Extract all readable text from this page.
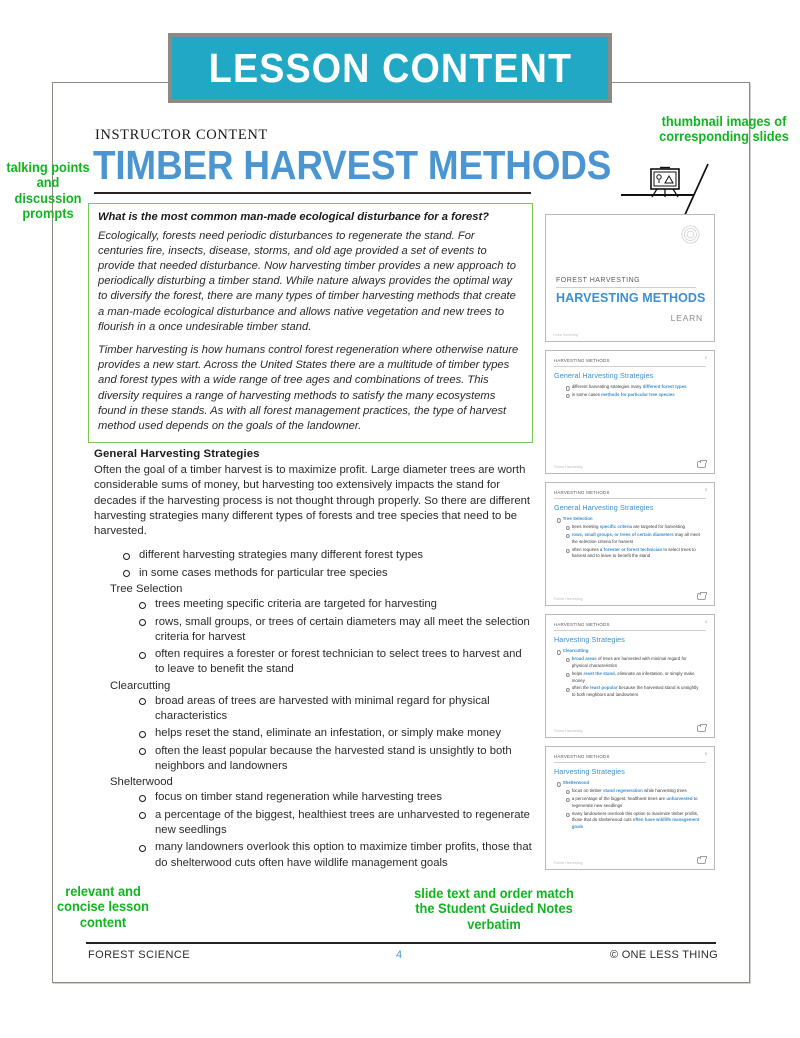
LESSON CONTENT
INSTRUCTOR CONTENT
TIMBER HARVEST METHODS
What is the most common man-made ecological disturbance for a forest?
Ecologically, forests need periodic disturbances to regenerate the stand. For centuries fire, insects, disease, storms, and old age provided a set of events to provide that needed disturbance. Now harvesting timber provides a new approach to periodically disturbing a timber stand. While nature always provides the optimal way to diversify the forest, there are many types of timber harvesting methods that create a man-made ecological disturbance and allows native vegetation and new trees to flourish in a once undesirable timber stand.
Timber harvesting is how humans control forest regeneration where otherwise nature provides a new start. Across the United States there are a multitude of timber types and forest types with a wide range of tree ages and combinations of trees. This diversity requires a range of harvesting methods to satisfy the many ecosystems found in these stands. As with all forest management practices, the type of harvest method used depends on the goals of the landowner.
General Harvesting Strategies
Often the goal of a timber harvest is to maximize profit. Large diameter trees are worth considerable sums of money, but harvesting too extensively impacts the stand for decades if the harvesting process is not thought through properly. So there are different harvesting strategies many different types of forests and tree species that need to be harvested.
different harvesting strategies many different forest types
in some cases methods for particular tree species
Tree Selection
trees meeting specific criteria are targeted for harvesting
rows, small groups, or trees of certain diameters may all meet the selection criteria for harvest
often requires a forester or forest technician to select trees to harvest and to leave to benefit the stand
Clearcutting
broad areas of trees are harvested with minimal regard for physical characteristics
helps reset the stand, eliminate an infestation, or simply make money
often the least popular because the harvested stand is unsightly to both neighbors and landowners
Shelterwood
focus on timber stand regeneration while harvesting trees
a percentage of the biggest, healthiest trees are unharvested to regenerate new seedlings
many landowners overlook this option to maximize timber profits, those that do shelterwood cuts often have wildlife management goals
FOREST HARVESTING
HARVESTING METHODS
LEARN
Forest Harvesting
2
HARVESTING METHODS
General Harvesting Strategies
different harvesting strategies many different forest types
in some cases methods for particular tree species
Forest Harvesting
3
HARVESTING METHODS
General Harvesting Strategies
Tree Selection
trees meeting specific criteria are targeted for harvesting
rows, small groups, or trees of certain diameters may all meet the selection criteria for harvest
often requires a forester or forest technician to select trees to harvest and to leave to benefit the stand
Forest Harvesting
4
HARVESTING METHODS
Harvesting Strategies
Clearcutting
broad areas of trees are harvested with minimal regard for physical characteristics
helps reset the stand, eliminate an infestation, or simply make money
often the least popular because the harvested stand is unsightly to both neighbors and landowners
Forest Harvesting
5
HARVESTING METHODS
Harvesting Strategies
Shelterwood
focus on timber stand regeneration while harvesting trees
a percentage of the biggest, healthiest trees are unharvested to regenerate new seedlings
many landowners overlook this option to maximize timber profits, those that do shelterwood cuts often have wildlife management goals
Forest Harvesting
talking points and discussion prompts
thumbnail images of corresponding slides
relevant and concise lesson content
slide text and order match the Student Guided Notes verbatim
FOREST SCIENCE	4	© ONE LESS THING
